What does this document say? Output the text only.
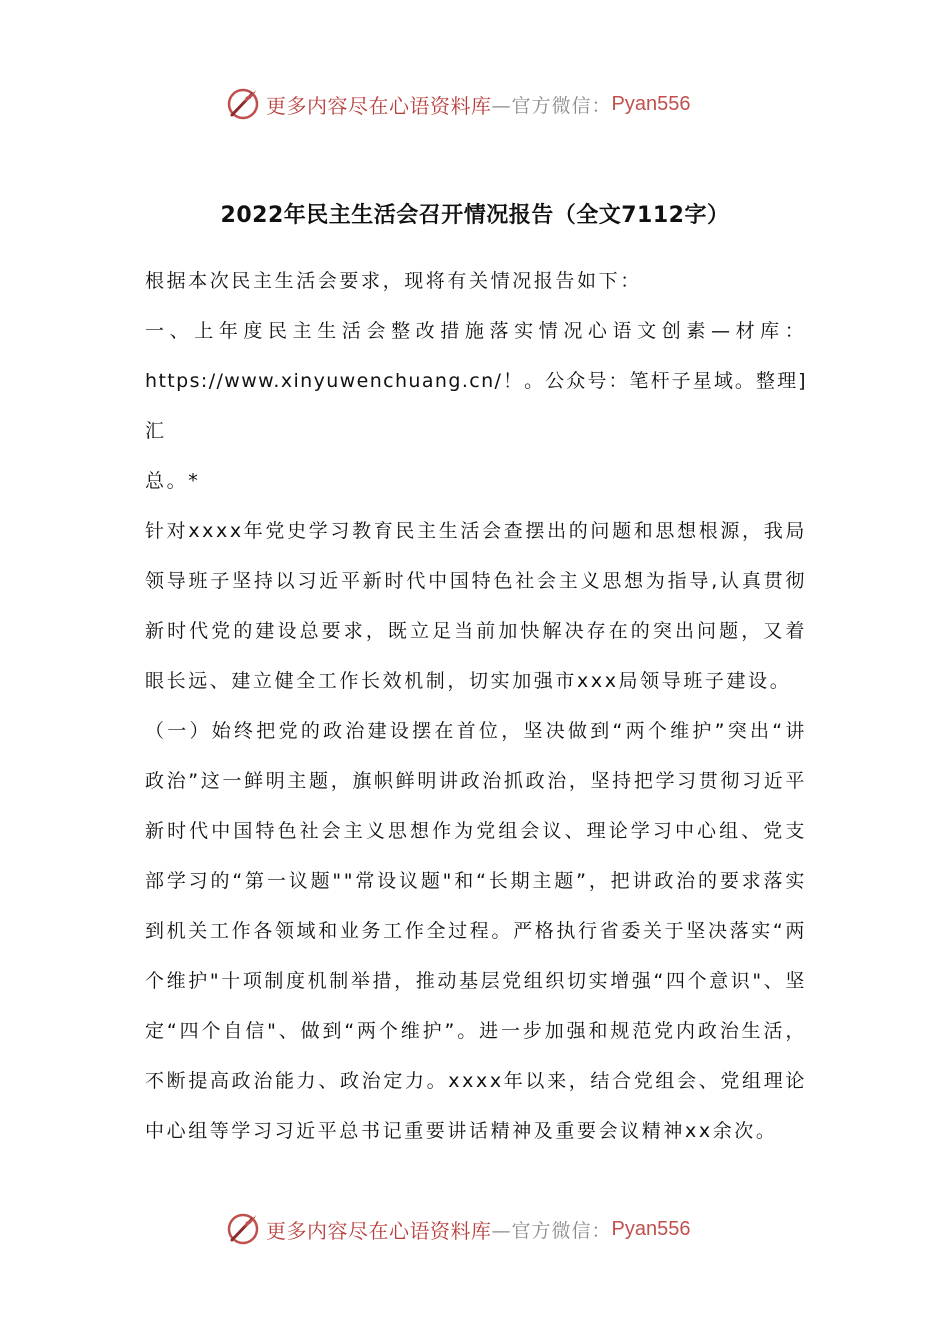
更多内容尽在心语资料库 —官方微信： Pyan556
2022年民主生活会召开情况报告（全文7112字）

根据本次民主生活会要求，现将有关情况报告如下：

一、上年度民主生活会整改措施落实情况心语文创素—材库：

https://www.xinyuwenchuang.cn/！。公众号：笔杆子星域。整理]汇

总。*

针对xxxx年党史学习教育民主生活会查摆出的问题和思想根源，我局领导班子坚持以习近平新时代中国特色社会主义思想为指导,认真贯彻新时代党的建设总要求，既立足当前加快解决存在的突出问题，又着眼长远、建立健全工作长效机制，切实加强市xxx局领导班子建设。

（一）始终把党的政治建设摆在首位，坚决做到“两个维护”突出“讲政治”这一鲜明主题，旗帜鲜明讲政治抓政治，坚持把学习贯彻习近平新时代中国特色社会主义思想作为党组会议、理论学习中心组、党支部学习的“第一议题""常设议题"和“长期主题”，把讲政治的要求落实到机关工作各领域和业务工作全过程。严格执行省委关于坚决落实“两个维护"十项制度机制举措，推动基层党组织切实增强“四个意识"、坚定“四个自信"、做到“两个维护”。进一步加强和规范党内政治生活，不断提高政治能力、政治定力。xxxx年以来，结合党组会、党组理论中心组等学习习近平总书记重要讲话精神及重要会议精神xx余次。

更多内容尽在心语资料库 —官方微信： Pyan556
